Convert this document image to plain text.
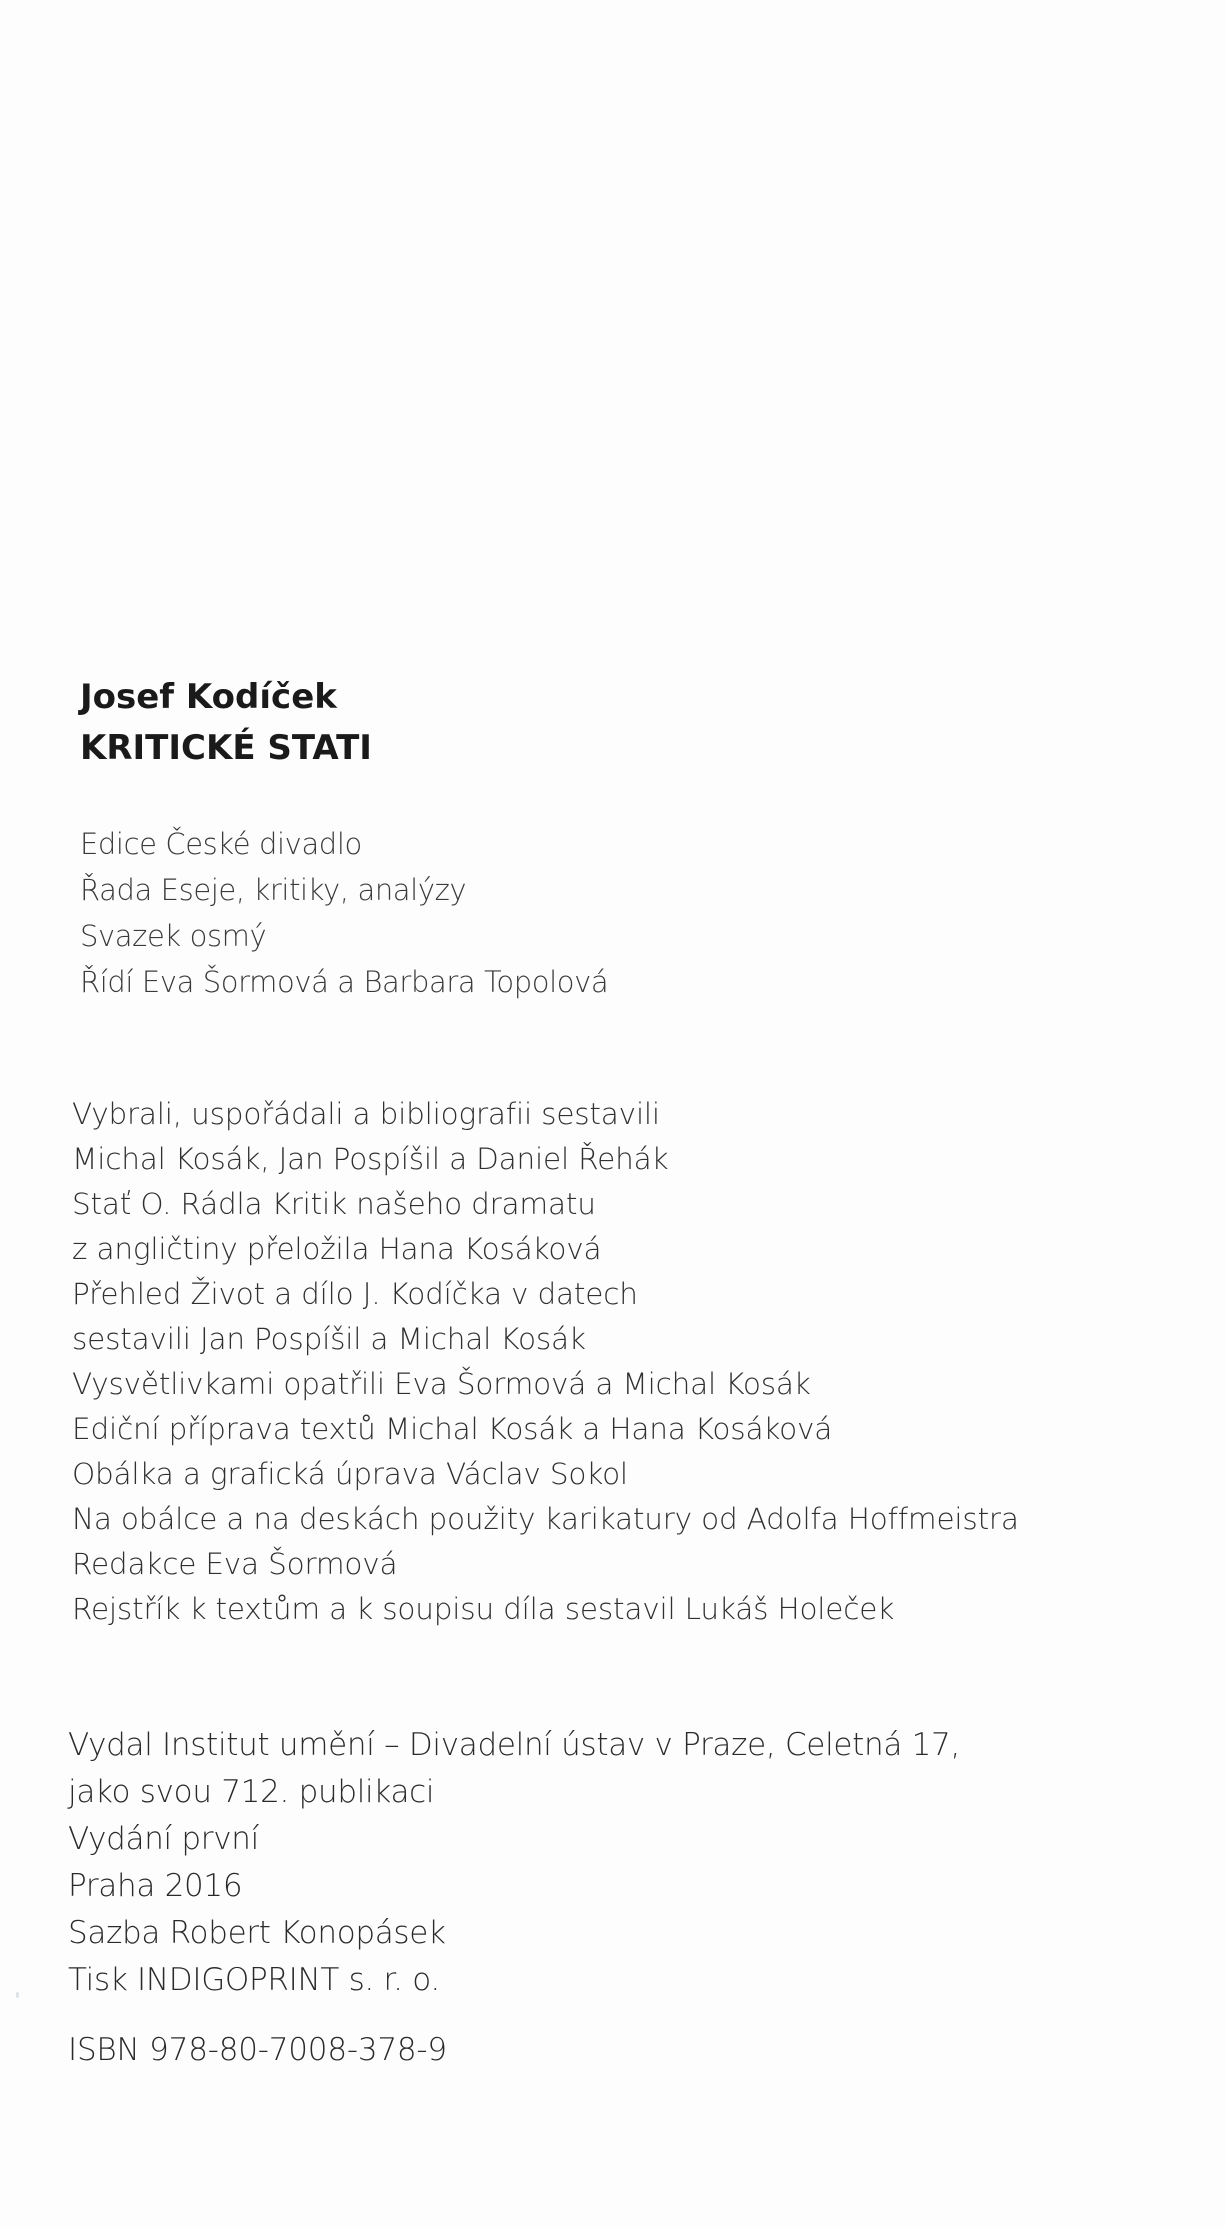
Josef Kodíček
KRITICKÉ STATI
Edice České divadlo
Řada Eseje, kritiky, analýzy
Svazek osmý
Řídí Eva Šormová a Barbara Topolová
Vybrali, uspořádali a bibliografii sestavili
Michal Kosák, Jan Pospíšil a Daniel Řehák
Stať O. Rádla Kritik našeho dramatu
z angličtiny přeložila Hana Kosáková
Přehled Život a dílo J. Kodíčka v datech
sestavili Jan Pospíšil a Michal Kosák
Vysvětlivkami opatřili Eva Šormová a Michal Kosák
Ediční příprava textů Michal Kosák a Hana Kosáková
Obálka a grafická úprava Václav Sokol
Na obálce a na deskách použity karikatury od Adolfa Hoffmeistra
Redakce Eva Šormová
Rejstřík k textům a k soupisu díla sestavil Lukáš Holeček
Vydal Institut umění – Divadelní ústav v Praze, Celetná 17,
jako svou 712. publikaci
Vydání první
Praha 2016
Sazba Robert Konopásek
Tisk INDIGOPRINT s. r. o.
ISBN 978-80-7008-378-9
